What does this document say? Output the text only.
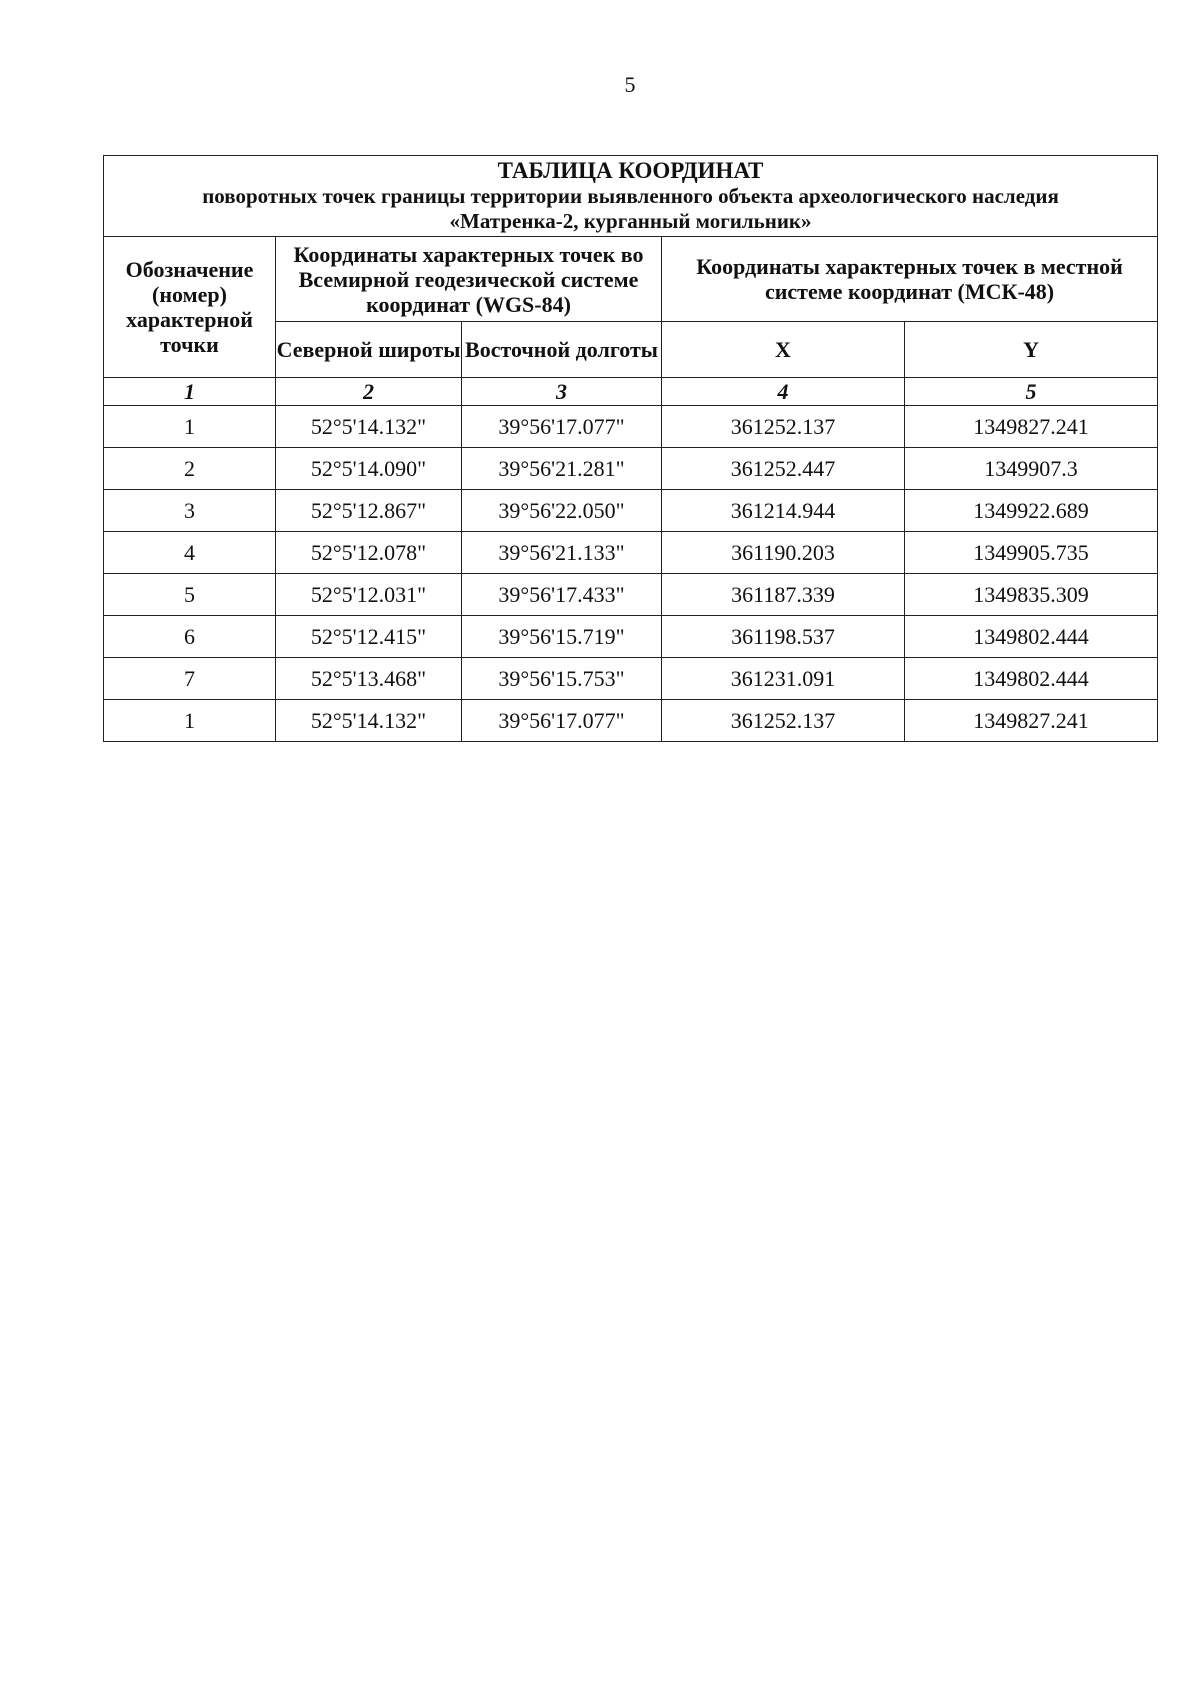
5
ТАБЛИЦА КООРДИНАТ
поворотных точек границы территории выявленного объекта археологического наследия
«Матренка-2, курганный могильник»				

Обозначение (номер) характерной точки	Координаты характерных точек во Всемирной геодезической системе координат (WGS-84)		Координаты характерных точек в местной системе координат (МСК-48)	
	Северной широты	Восточной долготы	X	Y
1	2	3	4	5
1	52°5'14.132"	39°56'17.077"	361252.137	1349827.241
2	52°5'14.090"	39°56'21.281"	361252.447	1349907.3
3	52°5'12.867"	39°56'22.050"	361214.944	1349922.689
4	52°5'12.078"	39°56'21.133"	361190.203	1349905.735
5	52°5'12.031"	39°56'17.433"	361187.339	1349835.309
6	52°5'12.415"	39°56'15.719"	361198.537	1349802.444
7	52°5'13.468"	39°56'15.753"	361231.091	1349802.444
1	52°5'14.132"	39°56'17.077"	361252.137	1349827.241
